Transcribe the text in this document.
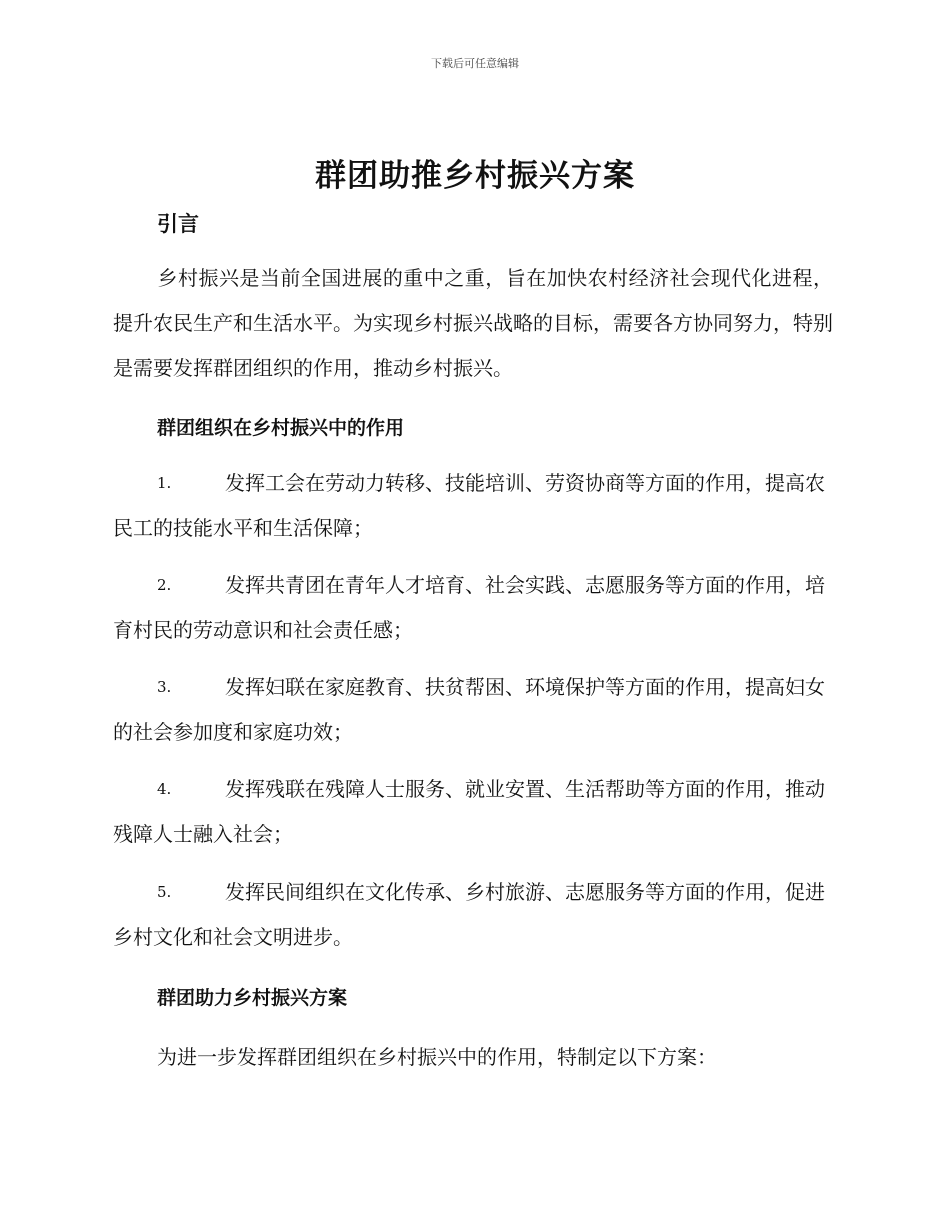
下载后可任意编辑
群团助推乡村振兴方案
引言
乡村振兴是当前全国进展的重中之重，旨在加快农村经济社会现代化进程，提升农民生产和生活水平。为实现乡村振兴战略的目标，需要各方协同努力，特别是需要发挥群团组织的作用，推动乡村振兴。
群团组织在乡村振兴中的作用
1.	发挥工会在劳动力转移、技能培训、劳资协商等方面的作用，提高农民工的技能水平和生活保障；
2.	发挥共青团在青年人才培育、社会实践、志愿服务等方面的作用，培育村民的劳动意识和社会责任感；
3.	发挥妇联在家庭教育、扶贫帮困、环境保护等方面的作用，提高妇女的社会参加度和家庭功效；
4.	发挥残联在残障人士服务、就业安置、生活帮助等方面的作用，推动残障人士融入社会；
5.	发挥民间组织在文化传承、乡村旅游、志愿服务等方面的作用，促进乡村文化和社会文明进步。
群团助力乡村振兴方案
为进一步发挥群团组织在乡村振兴中的作用，特制定以下方案：
